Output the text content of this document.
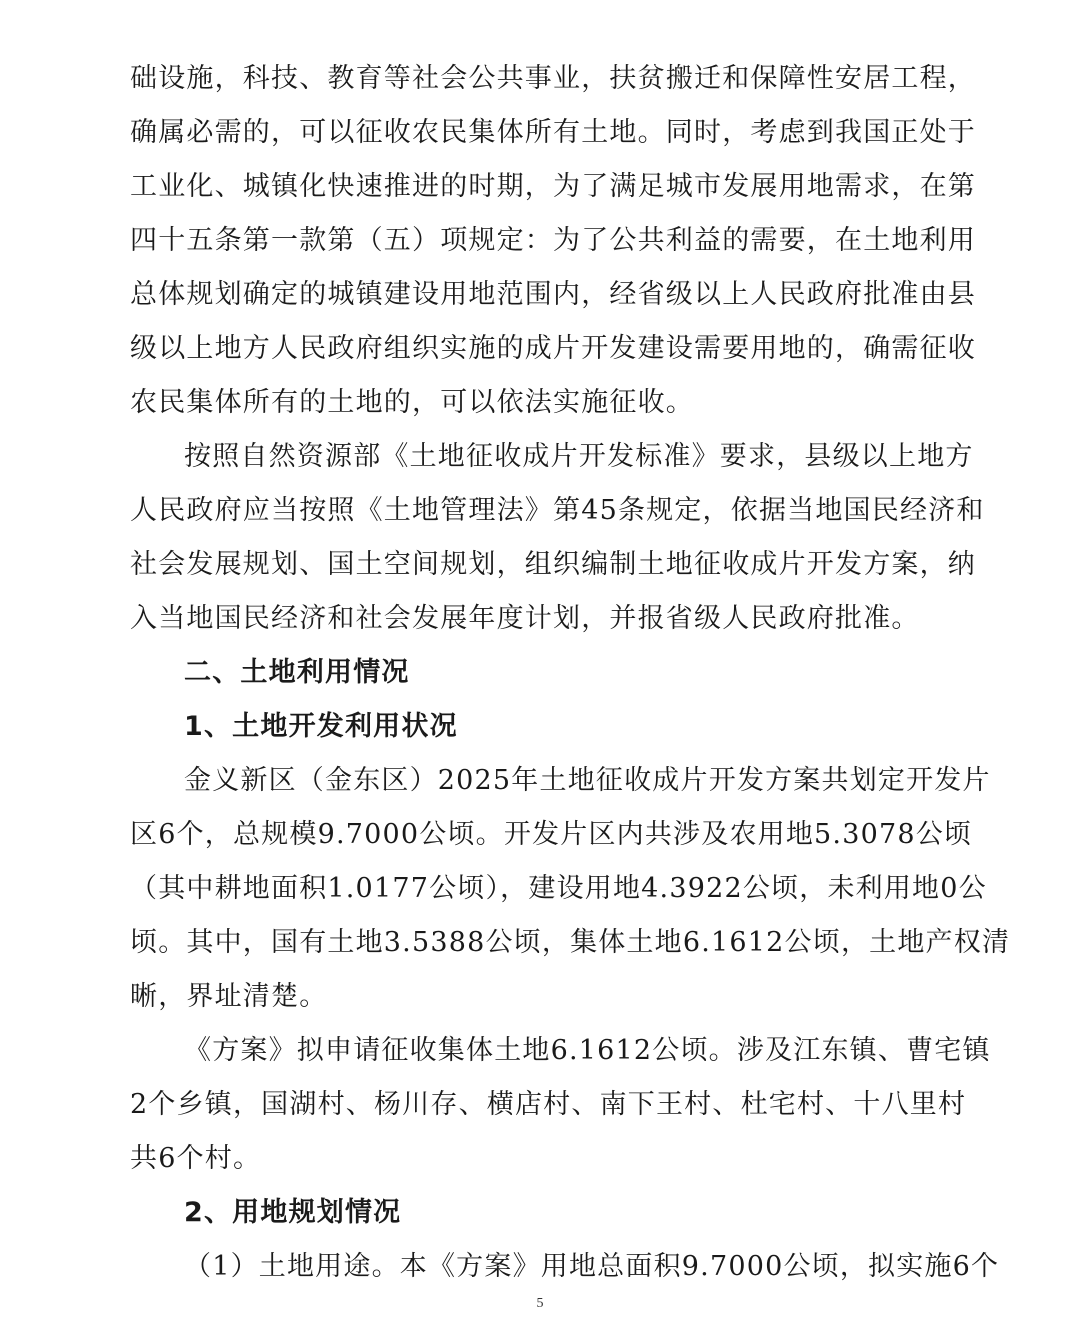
础设施，科技、教育等社会公共事业，扶贫搬迁和保障性安居工程，
确属必需的，可以征收农民集体所有土地。同时，考虑到我国正处于
工业化、城镇化快速推进的时期，为了满足城市发展用地需求，在第
四十五条第一款第（五）项规定：为了公共利益的需要，在土地利用
总体规划确定的城镇建设用地范围内，经省级以上人民政府批准由县
级以上地方人民政府组织实施的成片开发建设需要用地的，确需征收
农民集体所有的土地的，可以依法实施征收。
按照自然资源部《土地征收成片开发标准》要求，县级以上地方
人民政府应当按照《土地管理法》第45条规定，依据当地国民经济和
社会发展规划、国土空间规划，组织编制土地征收成片开发方案，纳
入当地国民经济和社会发展年度计划，并报省级人民政府批准。
二、土地利用情况
1、土地开发利用状况
金义新区（金东区）2025年土地征收成片开发方案共划定开发片
区6个，总规模9.7000公顷。开发片区内共涉及农用地5.3078公顷
（其中耕地面积1.0177公顷），建设用地4.3922公顷，未利用地0公
顷。其中，国有土地3.5388公顷，集体土地6.1612公顷，土地产权清
晰，界址清楚。
《方案》拟申请征收集体土地6.1612公顷。涉及江东镇、曹宅镇
2个乡镇，国湖村、杨川存、横店村、南下王村、杜宅村、十八里村
共6个村。
2、用地规划情况
（1）土地用途。本《方案》用地总面积9.7000公顷，拟实施6个
5
